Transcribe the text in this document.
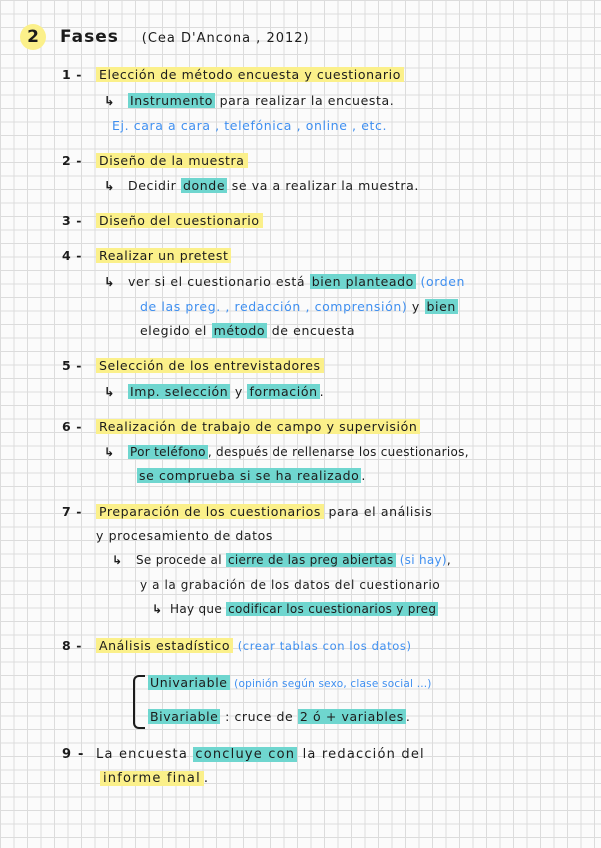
2	Fases (Cea D'Ancona , 2012)
1 - Elección de método encuesta y cuestionario
↳ Instrumento para realizar la encuesta.
Ej. cara a cara , telefónica , online , etc.
2 - Diseño de la muestra
↳ Decidir donde se va a realizar la muestra.
3 - Diseño del cuestionario
4 - Realizar un pretest
↳ ver si el cuestionario está bien planteado (orden
de las preg. , redacción , comprensión) y bien
elegido el método de encuesta
5 - Selección de los entrevistadores
↳ Imp. selección y formación .
6 - Realización de trabajo de campo y supervisión
↳ Por teléfono , después de rellenarse los cuestionarios,
se comprueba si se ha realizado .
7 - Preparación de los cuestionarios para el análisis
y procesamiento de datos
↳ Se procede al cierre de las preg abiertas (si hay),
y a la grabación de los datos del cuestionario
↳ Hay que codificar los cuestionarios y preg
8 - Análisis estadístico (crear tablas con los datos)
Univariable (opinión según sexo, clase social ...)
Bivariable : cruce de 2 ó + variables .
9 - La encuesta concluye con la redacción del
informe final .
